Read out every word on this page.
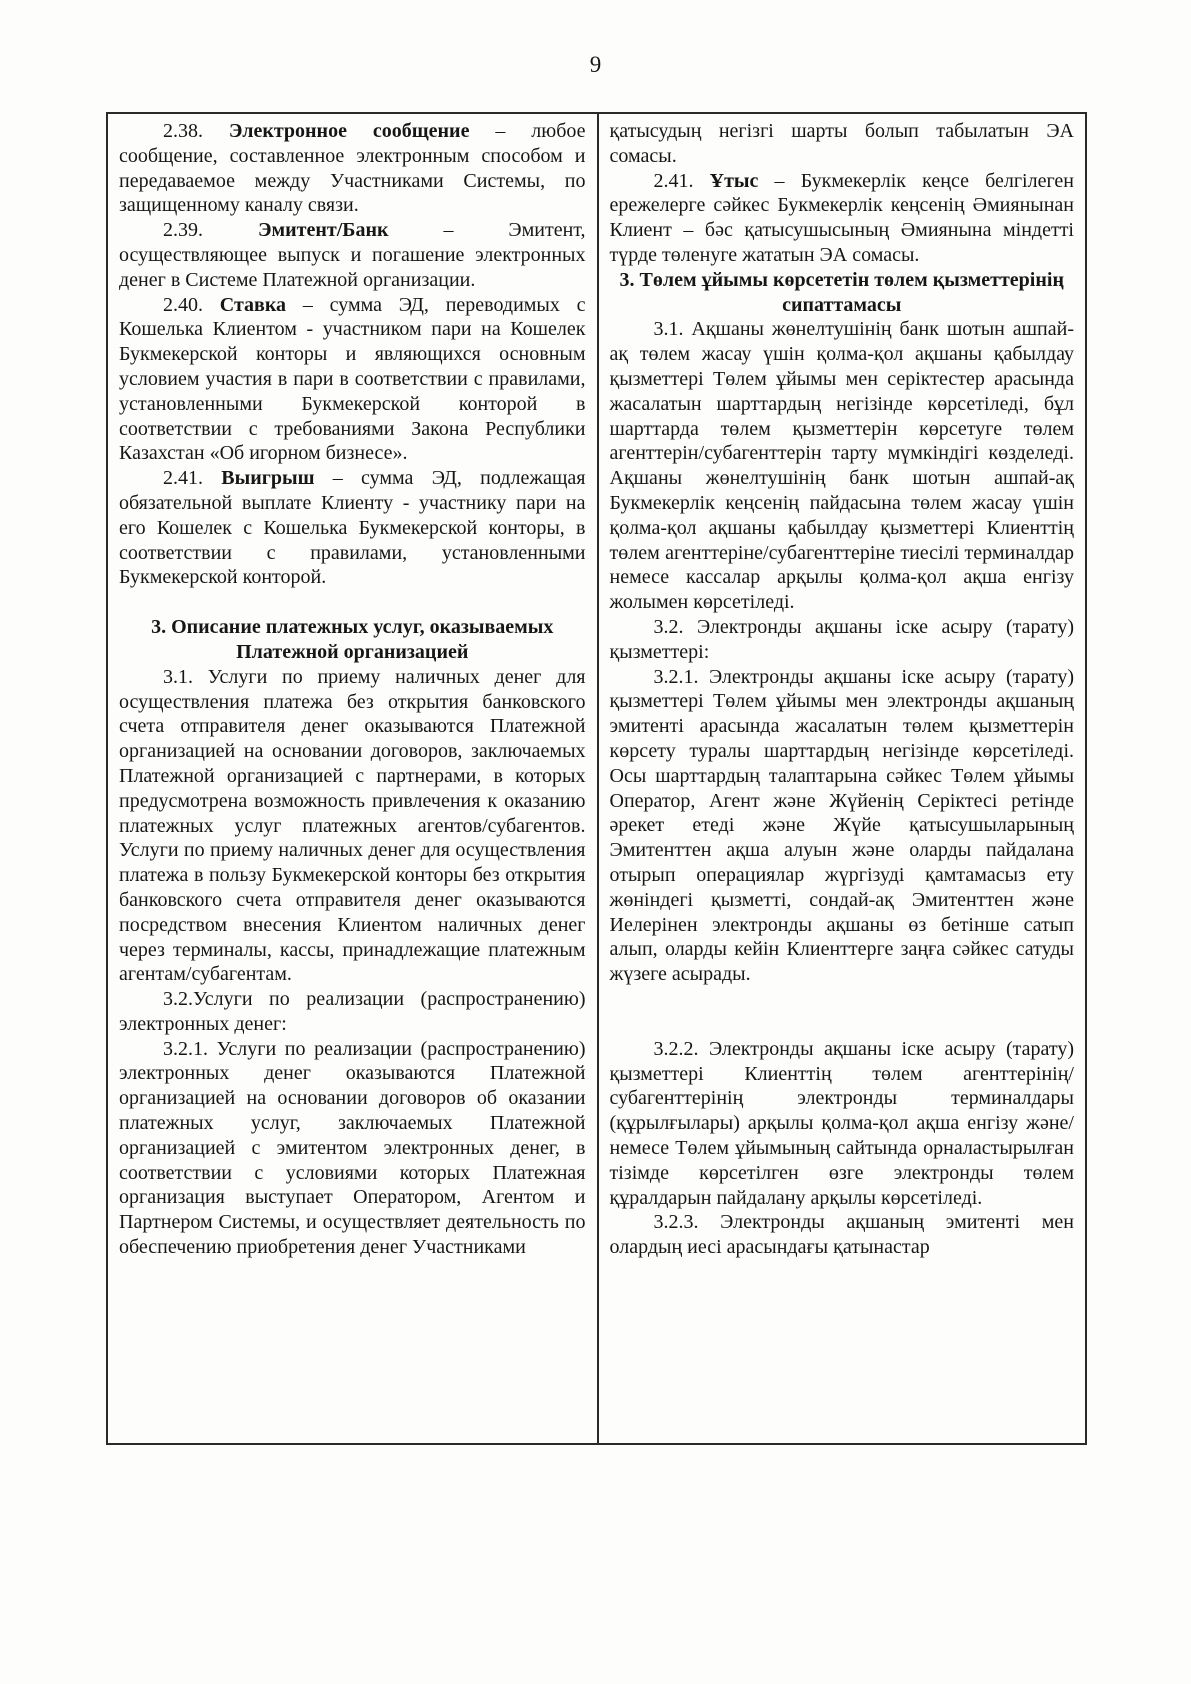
9
2.38. Электронное сообщение – любое сообщение, составленное электронным способом и передаваемое между Участниками Системы, по защищенному каналу связи.
2.39. Эмитент/Банк – Эмитент, осуществляющее выпуск и погашение электронных денег в Системе Платежной организации.
2.40. Ставка – сумма ЭД, переводимых с Кошелька Клиентом - участником пари на Кошелек Букмекерской конторы и являющихся основным условием участия в пари в соответствии с правилами, установленными Букмекерской конторой в соответствии с требованиями Закона Республики Казахстан «Об игорном бизнесе».
2.41. Выигрыш – сумма ЭД, подлежащая обязательной выплате Клиенту - участнику пари на его Кошелек с Кошелька Букмекерской конторы, в соответствии с правилами, установленными Букмекерской конторой.
3. Описание платежных услуг, оказываемых Платежной организацией
3.1. Услуги по приему наличных денег для осуществления платежа без открытия банковского счета отправителя денег оказываются Платежной организацией на основании договоров, заключаемых Платежной организацией с партнерами, в которых предусмотрена возможность привлечения к оказанию платежных услуг платежных агентов/субагентов. Услуги по приему наличных денег для осуществления платежа в пользу Букмекерской конторы без открытия банковского счета отправителя денег оказываются посредством внесения Клиентом наличных денег через терминалы, кассы, принадлежащие платежным агентам/субагентам.
3.2.Услуги по реализации (распространению) электронных денег:
3.2.1. Услуги по реализации (распространению) электронных денег оказываются Платежной организацией на основании договоров об оказании платежных услуг, заключаемых Платежной организацией с эмитентом электронных денег, в соответствии с условиями которых Платежная организация выступает Оператором, Агентом и Партнером Системы, и осуществляет деятельность по обеспечению приобретения денег Участниками
қатысудың негізгі шарты болып табылатын ЭА сомасы.
2.41. Ұтыс – Букмекерлік кеңсе белгілеген ережелерге сәйкес Букмекерлік кеңсенің Әмиянынан Клиент – бәс қатысушысының Әмиянына міндетті түрде төленуге жататын ЭА сомасы.
3. Төлем ұйымы көрсететін төлем қызметтерінің сипаттамасы
3.1. Ақшаны жөнелтушінің банк шотын ашпай-ақ төлем жасау үшін қолма-қол ақшаны қабылдау қызметтері Төлем ұйымы мен серіктестер арасында жасалатын шарттардың негізінде көрсетіледі, бұл шарттарда төлем қызметтерін көрсетуге төлем агенттерін/субагенттерін тарту мүмкіндігі көзделеді. Ақшаны жөнелтушінің банк шотын ашпай-ақ Букмекерлік кеңсенің пайдасына төлем жасау үшін қолма-қол ақшаны қабылдау қызметтері Клиенттің төлем агенттеріне/субагенттеріне тиесілі терминалдар немесе кассалар арқылы қолма-қол ақша енгізу жолымен көрсетіледі.
3.2. Электронды ақшаны іске асыру (тарату) қызметтері:
3.2.1. Электронды ақшаны іске асыру (тарату) қызметтері Төлем ұйымы мен электронды ақшаның эмитенті арасында жасалатын төлем қызметтерін көрсету туралы шарттардың негізінде көрсетіледі. Осы шарттардың талаптарына сәйкес Төлем ұйымы Оператор, Агент және Жүйенің Серіктесі ретінде әрекет етеді және Жүйе қатысушыларының Эмитенттен ақша алуын және оларды пайдалана отырып операциялар жүргізуді қамтамасыз ету жөніндегі қызметті, сондай-ақ Эмитенттен және Иелерінен электронды ақшаны өз бетінше сатып алып, оларды кейін Клиенттерге заңға сәйкес сатуды жүзеге асырады.
3.2.2. Электронды ақшаны іске асыру (тарату) қызметтері Клиенттің төлем агенттерінің/субагенттерінің электронды терминалдары (құрылғылары) арқылы қолма-қол ақша енгізу және/немесе Төлем ұйымының сайтында орналастырылған тізімде көрсетілген өзге электронды төлем құралдарын пайдалану арқылы көрсетіледі.
3.2.3. Электронды ақшаның эмитенті мен олардың иесі арасындағы қатынастар
